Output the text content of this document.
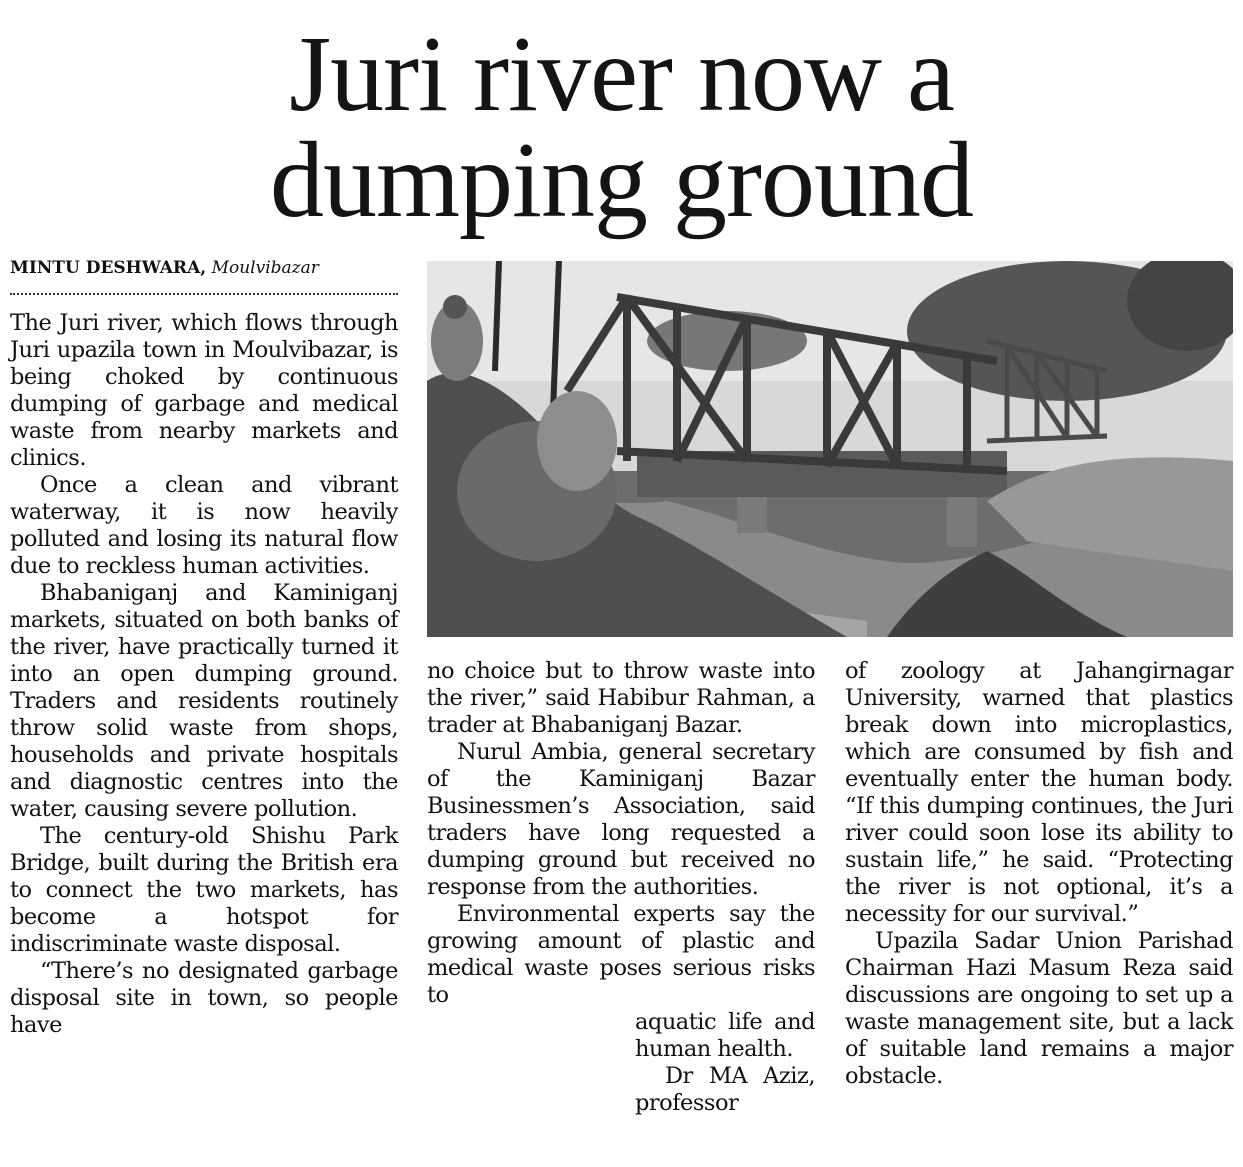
Juri river now a
dumping ground
MINTU DESHWARA, Moulvibazar

The Juri river, which flows through Juri upazila town in Moulvibazar, is being choked by continuous dumping of garbage and medical waste from nearby markets and clinics.

Once a clean and vibrant waterway, it is now heavily polluted and losing its natural flow due to reckless human activities.

Bhabaniganj and Kaminiganj markets, situated on both banks of the river, have practically turned it into an open dumping ground. Traders and residents routinely throw solid waste from shops, households and private hospitals and diagnostic centres into the water, causing severe pollution.

The century-old Shishu Park Bridge, built during the British era to connect the two markets, has become a hotspot for indiscriminate waste disposal.

“There’s no designated garbage disposal site in town, so people have

no choice but to throw waste into the river,” said Habibur Rahman, a trader at Bhabaniganj Bazar.

Nurul Ambia, general secretary of the Kaminiganj Bazar Businessmen’s Association, said traders have long requested a dumping ground but received no response from the authorities.

Environmental experts say the growing amount of plastic and medical waste poses serious risks to

aquatic life and human health.

Dr MA Aziz, professor

of zoology at Jahangirnagar University, warned that plastics break down into microplastics, which are consumed by fish and eventually enter the human body. “If this dumping continues, the Juri river could soon lose its ability to sustain life,” he said. “Protecting the river is not optional, it’s a necessity for our survival.”

Upazila Sadar Union Parishad Chairman Hazi Masum Reza said discussions are ongoing to set up a waste management site, but a lack of suitable land remains a major obstacle.
